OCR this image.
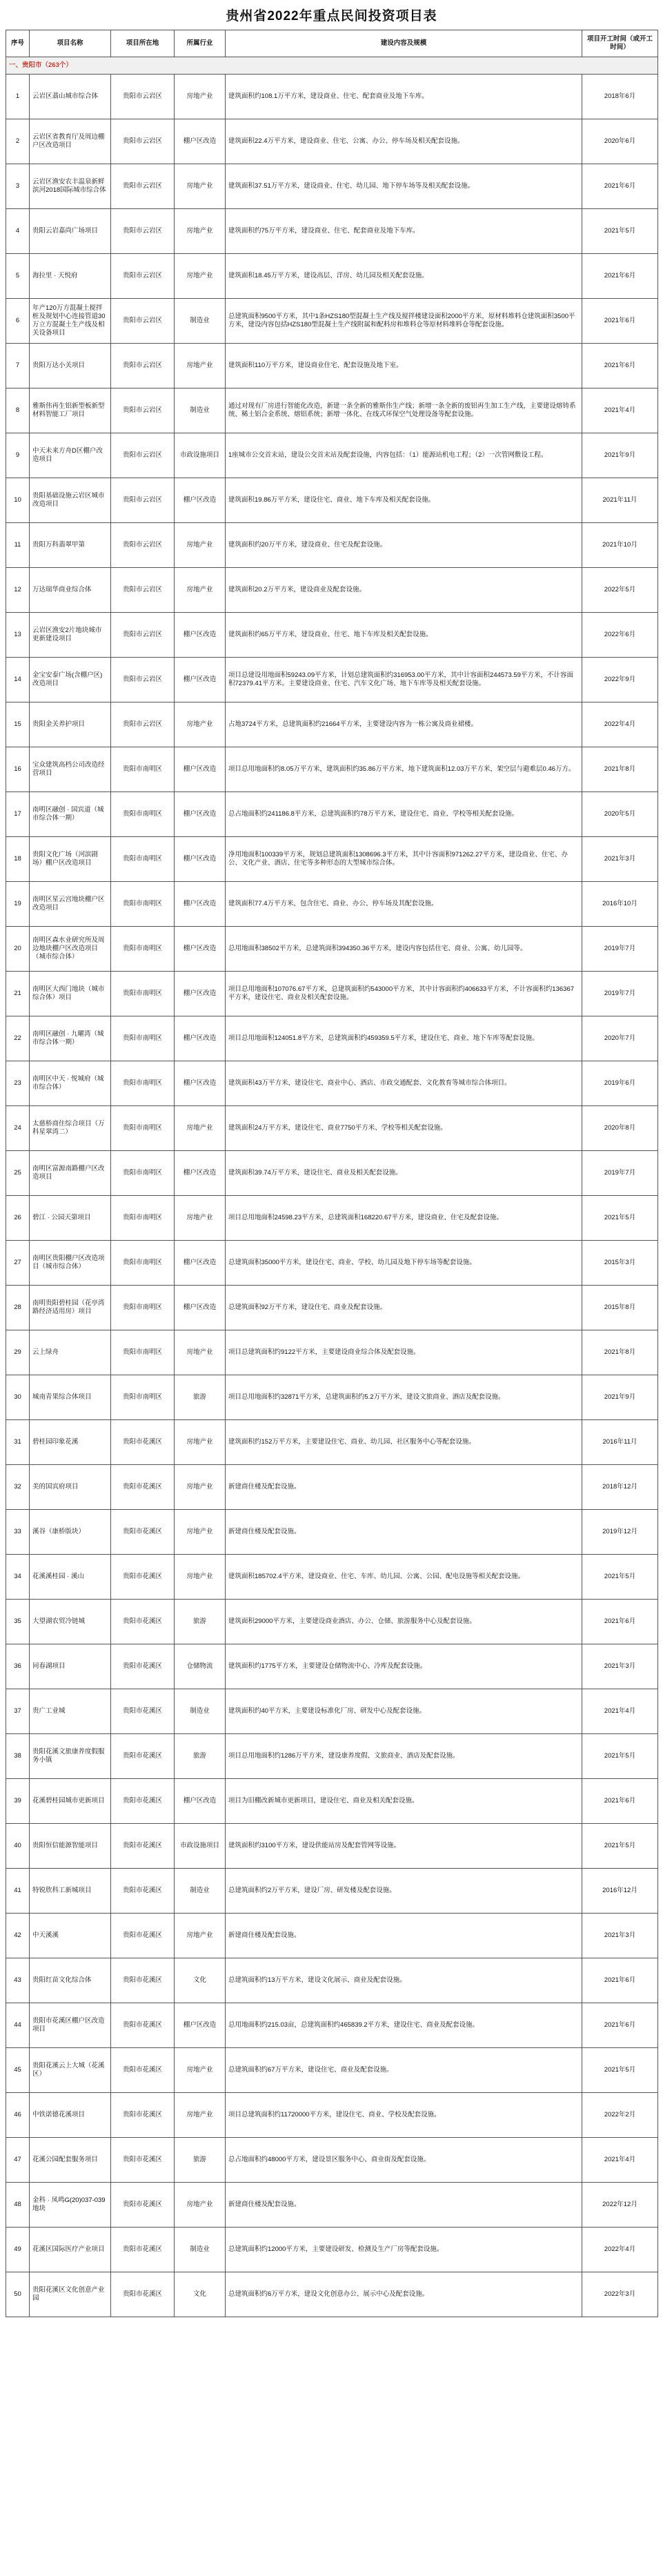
贵州省2022年重点民间投资项目表
序号	项目名称	项目所在地	所属行业	建设内容及规模	项目开工时间（或开工时间）
一、贵阳市（263个）					
1	云岩区翡山城市综合体	贵阳市云岩区	房地产业	建筑面积约108.1万平方米，建设商业、住宅、配套商业及地下车库。	2018年6月
2	云岩区省教育厅及周边棚户区改造项目	贵阳市云岩区	棚户区改造	建筑面积22.4万平方米，建设商业、住宅、公寓、办公、停车场及相关配套设施。	2020年6月
3	云岩区渔安农丰温泉新鲜滨河2018国际城市综合体	贵阳市云岩区	房地产业	建筑面积37.51万平方米，建设商业、住宅、幼儿园、地下停车场等及相关配套设施。	2021年6月
4	贵阳云岩嘉尚广场项目	贵阳市云岩区	房地产业	建筑面积约75万平方米，建设商业、住宅、配套商业及地下车库。	2021年5月
5	海拉里 · 天悦府	贵阳市云岩区	房地产业	建筑面积18.45万平方米，建设高层、洋房、幼儿园及相关配套设施。	2021年6月
6	年产120万方混凝土搅拌桩及规划中心连接管道30万立方混凝土生产线及相关设备项目	贵阳市云岩区	制造业	总建筑面积9500平方米，其中1条HZS180型混凝土生产线及搅拌楼建设面积2000平方米，原材料堆料仓建筑面积3500平方米，建设内容包括HZS180型混凝土生产线附属和配料房和堆料仓等原材料堆料仓等配套设施。	2021年6月
7	贵阳万达小关项目	贵阳市云岩区	房地产业	建筑面积110万平方米，建设商业住宅、配套设施及地下室。	2021年6月
8	雅斯伟再生铝新型板新型材料智能工厂项目	贵阳市云岩区	制造业	通过对现有厂房进行智能化改造，新建一条全新的雅斯伟生产线；新增一条全新的废铝再生加工生产线，主要建设熔铸系统、稀土铝合金系统、熔铝系统；新增一体化、在线式环保空气处理设备等配套设施。	2021年4月
9	中天未来方舟D区棚户改造项目	贵阳市云岩区	市政设施项目	1座城市公交首末站，建设公交首末站及配套设施，内容包括：（1）能源站机电工程；（2）一次管网敷设工程。	2021年9月
10	贵阳基础设施云岩区城市改造项目	贵阳市云岩区	棚户区改造	建筑面积19.86万平方米，建设住宅、商业、地下车库及相关配套设施。	2021年11月
11	贵阳万科翡翠甲第	贵阳市云岩区	房地产业	建筑面积约20万平方米，建设商业、住宅及配套设施。	2021年10月
12	万达瑞华商业综合体	贵阳市云岩区	房地产业	建筑面积20.2万平方米，建设商业及配套设施。	2022年5月
13	云岩区渔安2片地块城市更新建设项目	贵阳市云岩区	棚户区改造	建筑面积约65万平方米，建设商业、住宅、地下车库及相关配套设施。	2022年6月
14	金宝安泰广场(含棚户区)改造项目	贵阳市云岩区	棚户区改造	项目总建设用地面积59243.09平方米，计划总建筑面积约316953.00平方米，其中计容面积244573.59平方米，不计容面积72379.41平方米。主要建设商业、住宅、汽车文化广场、地下车库等及相关配套设施。	2022年9月
15	贵阳金关养护项目	贵阳市云岩区	房地产业	占地3724平方米，总建筑面积约21664平方米，主要建设内容为一栋公寓及商业裙楼。	2022年4月
16	宝众建筑高档公司改造经营项目	贵阳市南明区	棚户区改造	项目总用地面积约8.05万平方米，建筑面积约35.86万平方米，地下建筑面积12.03万平方米，架空层与避难层0.46万方。	2021年8月
17	南明区融创 · 国宾道（城市综合体一期）	贵阳市南明区	棚户区改造	总占地面积约241186.8平方米，总建筑面积约78万平方米，建设住宅、商业、学校等相关配套设施。	2020年5月
18	贵阳文化广场（河滨剧场）棚户区改造项目	贵阳市南明区	棚户区改造	净用地面积100339平方米，规划总建筑面积1308696.3平方米，其中计容面积971262.27平方米，建设商业、住宅、办公、文化产业、酒店、住宅等多种形态的大型城市综合体。	2021年3月
19	南明区星云宫地块棚户区改造项目	贵阳市南明区	棚户区改造	建筑面积77.4万平方米，包含住宅、商业、办公、停车场及其配套设施。	2016年10月
20	南明区森水业研究所及周边地块棚户区改造项目（城市综合体）	贵阳市南明区	棚户区改造	总用地面积38502平方米，总建筑面积394350.36平方米，建设内容包括住宅、商业、公寓、幼儿园等。	2019年7月
21	南明区大西门地块（城市综合体）项目	贵阳市南明区	棚户区改造	项目总用地面积107076.67平方米，总建筑面积约543000平方米，其中计容面积约406633平方米，不计容面积约136367平方米，建设住宅、商业及相关配套设施。	2019年7月
22	南明区融创 · 九曜湾（城市综合体一期）	贵阳市南明区	棚户区改造	项目总用地面积124051.8平方米，总建筑面积约459359.5平方米，建设住宅、商业、地下车库等配套设施。	2020年7月
23	南明区中天 · 悦城府（城市综合体）	贵阳市南明区	棚户区改造	建筑面积43万平方米，建设住宅、商业中心、酒店、市政交通配套、文化教育等城市综合体项目。	2019年6月
24	太慈桥商住综合项目（万科星翠湾二）	贵阳市南明区	房地产业	建筑面积24万平方米，建设住宅、商业7750平方米、学校等相关配套设施。	2020年8月
25	南明区富源南路棚户区改造项目	贵阳市南明区	棚户区改造	建筑面积39.74万平方米，建设住宅、商业及相关配套设施。	2019年7月
26	碧江 · 公园天第项目	贵阳市南明区	房地产业	项目总用地面积24598.23平方米，总建筑面积168220.67平方米，建设商业、住宅及配套设施。	2021年5月
27	南明区贵阳棚户区改造项目（城市综合体）	贵阳市南明区	棚户区改造	总建筑面积35000平方米，建设住宅、商业、学校、幼儿园及地下停车场等配套设施。	2015年3月
28	南明贵阳碧桂园（花亭湾路经济适用房）项目	贵阳市南明区	棚户区改造	总建筑面积92万平方米，建设住宅、商业及配套设施。	2015年8月
29	云上绿舟	贵阳市南明区	房地产业	项目总建筑面积约9122平方米，主要建设商业综合体及配套设施。	2021年8月
30	城南青果综合体项目	贵阳市南明区	旅游	项目总用地面积约32871平方米，总建筑面积约5.2万平方米，建设文旅商业、酒店及配套设施。	2021年9月
31	碧桂园印象花溪	贵阳市花溪区	房地产业	建筑面积约152万平方米，主要建设住宅、商业、幼儿园、社区服务中心等配套设施。	2016年11月
32	美的国宾府项目	贵阳市花溪区	房地产业	新建商住楼及配套设施。	2018年12月
33	溪谷（康桥版块）	贵阳市花溪区	房地产业	新建商住楼及配套设施。	2019年12月
34	花溪溪桂园 · 溪山	贵阳市花溪区	房地产业	建筑面积185702.4平方米，建设商业、住宅、车库、幼儿园、公寓、公园、配电设施等相关配套设施。	2021年5月
35	大望湖农贸冷链城	贵阳市花溪区	旅游	建筑面积29000平方米，主要建设商业酒店、办公、仓储、旅游服务中心及配套设施。	2021年6月
36	同春湖项目	贵阳市花溪区	仓储物流	建筑面积约1775平方米，主要建设仓储物流中心、冷库及配套设施。	2021年3月
37	贵广工业城	贵阳市花溪区	制造业	建筑面积约40平方米，主要建设标准化厂房、研发中心及配套设施。	2021年4月
38	贵阳花溪文旅康养度假服务小镇	贵阳市花溪区	旅游	项目总用地面积约1286万平方米，建设康养度假、文旅商业、酒店及配套设施。	2021年5月
39	花溪碧桂园城市更新项目	贵阳市花溪区	棚户区改造	项目为旧棚改新城市更新项目，建设住宅、商业及相关配套设施。	2021年6月
40	贵阳恒信能源智能项目	贵阳市花溪区	市政设施项目	建筑面积约3100平方米，建设供能站房及配套管网等设施。	2021年5月
41	特锐欣科工新城项目	贵阳市花溪区	制造业	总建筑面积约2万平方米，建设厂房、研发楼及配套设施。	2016年12月
42	中天溪溪	贵阳市花溪区	房地产业	新建商住楼及配套设施。	2021年3月
43	贵阳红苗文化综合体	贵阳市花溪区	文化	总建筑面积约13万平方米，建设文化展示、商业及配套设施。	2021年6月
44	贵阳市花溪区棚户区改造项目	贵阳市花溪区	棚户区改造	总用地面积约215.03亩，总建筑面积约465839.2平方米，建设住宅、商业及配套设施。	2021年6月
45	贵阳花溪云上大城（花溪区）	贵阳市花溪区	房地产业	总建筑面积约67万平方米，建设住宅、商业及配套设施。	2021年5月
46	中铁诺德花溪项目	贵阳市花溪区	房地产业	项目总建筑面积约11720000平方米，建设住宅、商业、学校及配套设施。	2022年2月
47	花溪公园配套服务项目	贵阳市花溪区	旅游	总占地面积约48000平方米，建设景区服务中心、商业街及配套设施。	2021年4月
48	金科 · 凤鸣G(20)037-039地块	贵阳市花溪区	房地产业	新建商住楼及配套设施。	2022年12月
49	花溪区国际医疗产业项目	贵阳市花溪区	制造业	总建筑面积约12000平方米，主要建设研发、检测及生产厂房等配套设施。	2022年4月
50	贵阳花溪区文化创意产业园	贵阳市花溪区	文化	总建筑面积约6万平方米，建设文化创意办公、展示中心及配套设施。	2022年3月
